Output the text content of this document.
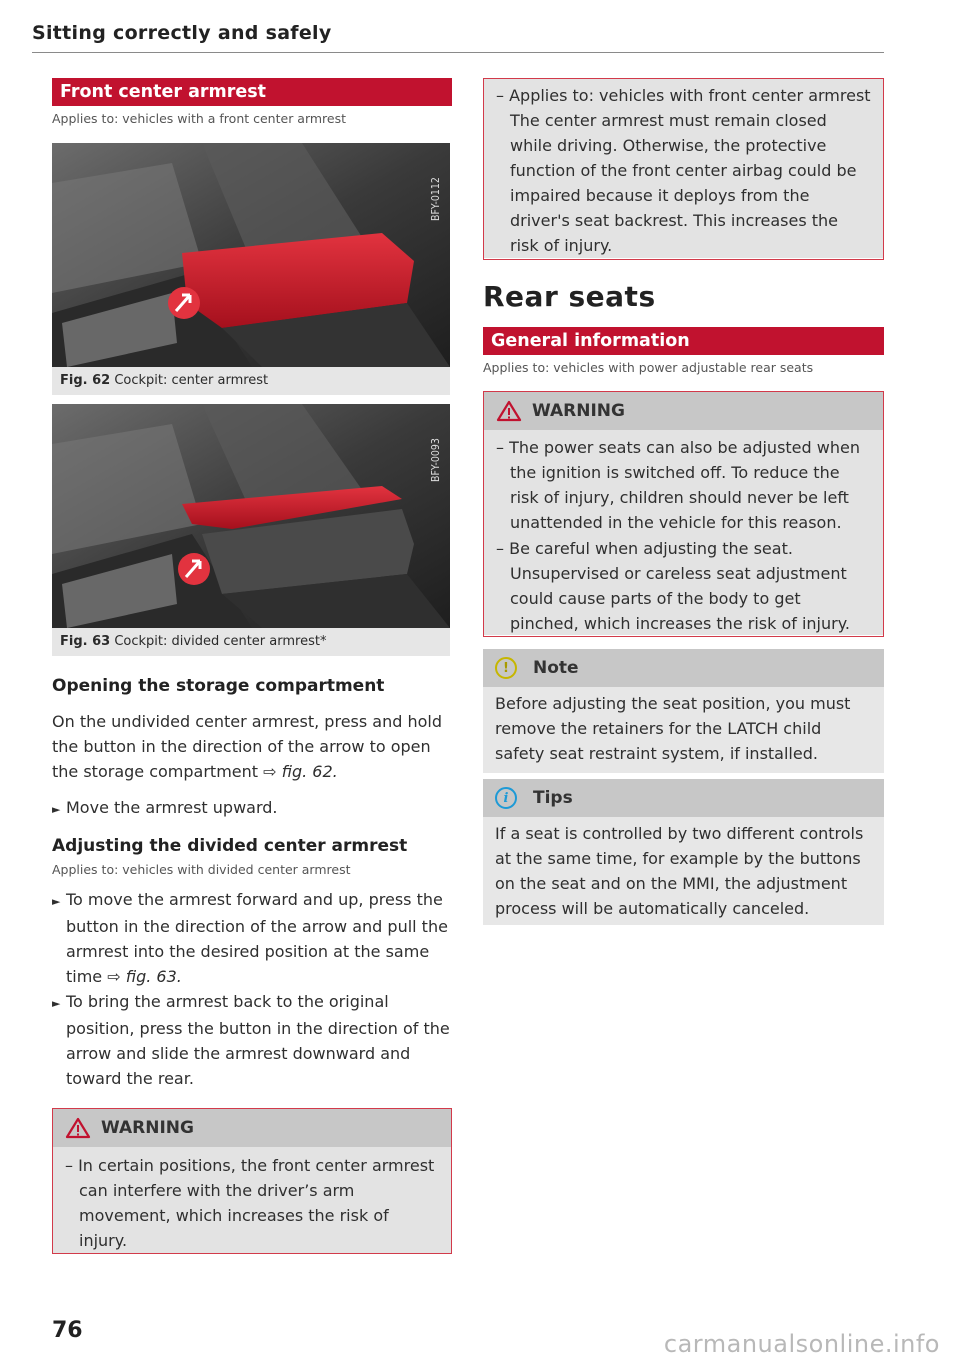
Sitting correctly and safely
Front center armrest
Applies to: vehicles with a front center armrest
BFY-0112
Fig. 62 Cockpit: center armrest
BFY-0093
Fig. 63 Cockpit: divided center armrest*
Opening the storage compartment
On the undivided center armrest, press and hold the button in the direction of the arrow to open the storage compartment ⇨ fig. 62.
► Move the armrest upward.
Adjusting the divided center armrest
Applies to: vehicles with divided center armrest
► To move the armrest forward and up, press the button in the direction of the arrow and pull the armrest into the desired position at the same time ⇨ fig. 63.
► To bring the armrest back to the original position, press the button in the direction of the arrow and slide the armrest downward and toward the rear.
WARNING
– In certain positions, the front center armrest can interfere with the driver’s arm movement, which increases the risk of injury.
– Applies to: vehicles with front center armrest The center armrest must remain closed while driving. Otherwise, the protective function of the front center airbag could be impaired because it deploys from the driver's seat backrest. This increases the risk of injury.
Rear seats
General information
Applies to: vehicles with power adjustable rear seats
WARNING
– The power seats can also be adjusted when the ignition is switched off. To reduce the risk of injury, children should never be left unattended in the vehicle for this reason.
– Be careful when adjusting the seat. Unsupervised or careless seat adjustment could cause parts of the body to get pinched, which increases the risk of injury.
!	Note
Before adjusting the seat position, you must remove the retainers for the LATCH child safety seat restraint system, if installed.
i	Tips
If a seat is controlled by two different controls at the same time, for example by the buttons on the seat and on the MMI, the adjustment process will be automatically canceled.
76	carmanualsonline.info
